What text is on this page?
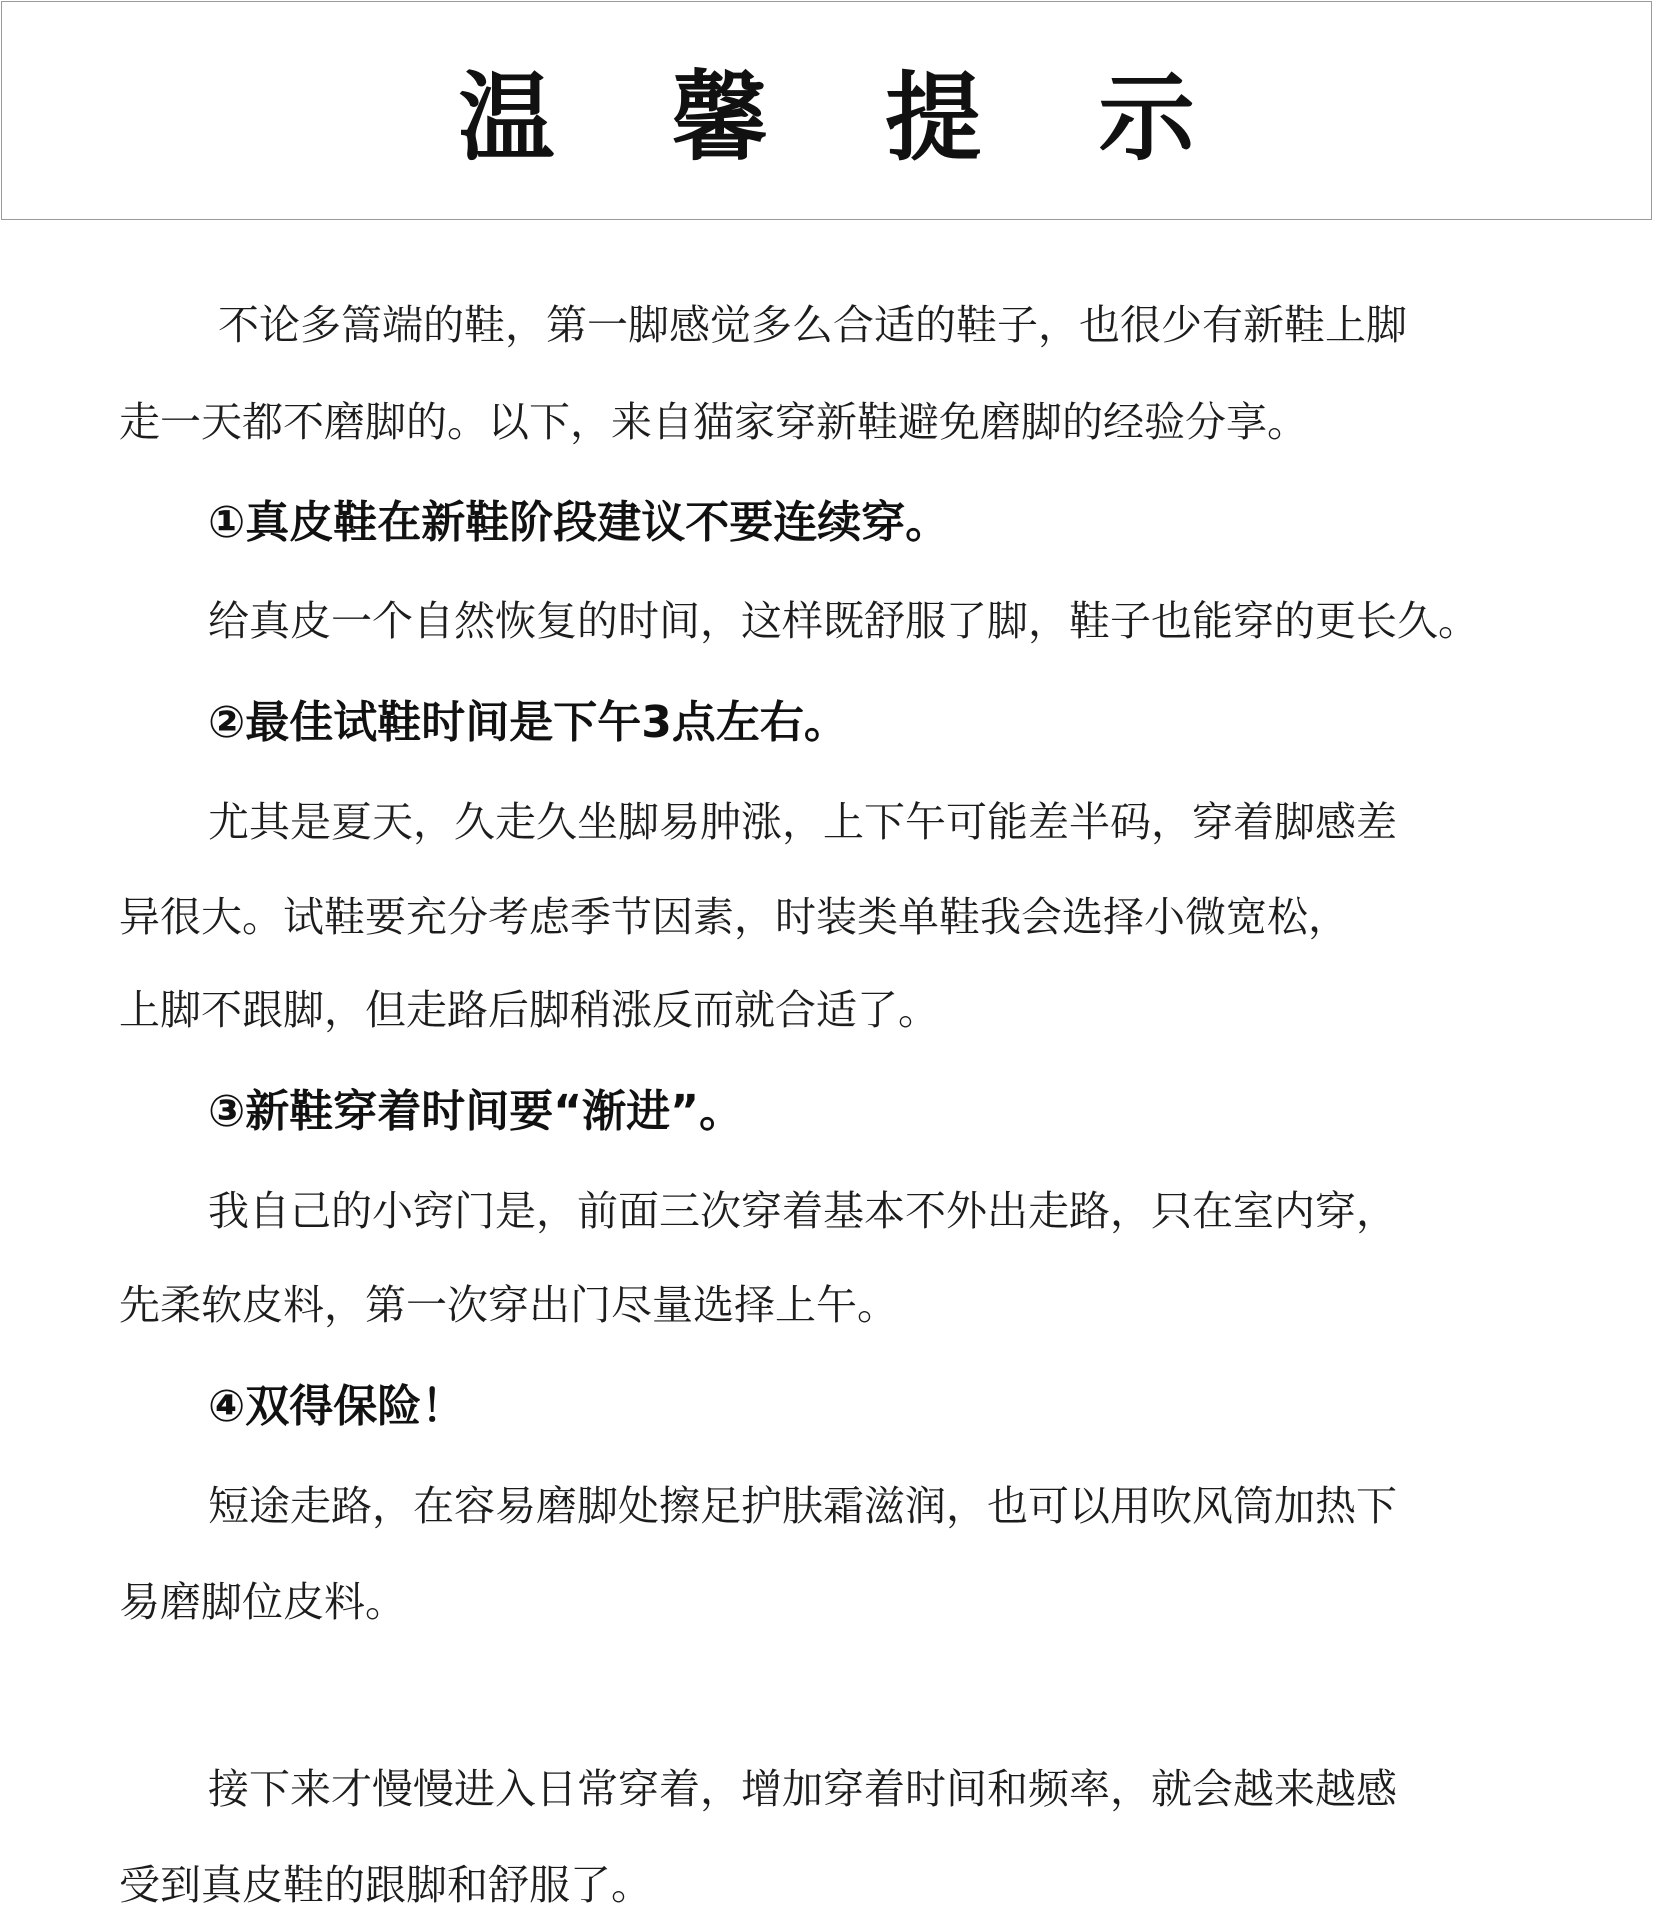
温 馨 提 示
不论多篙端的鞋，第一脚感觉多么合适的鞋子，也很少有新鞋上脚
走一天都不磨脚的。以下，来自猫家穿新鞋避免磨脚的经验分享。
①真皮鞋在新鞋阶段建议不要连续穿。
给真皮一个自然恢复的时间，这样既舒服了脚，鞋子也能穿的更长久。
②最佳试鞋时间是下午3点左右。
尤其是夏天，久走久坐脚易肿涨，上下午可能差半码，穿着脚感差
异很大。试鞋要充分考虑季节因素，时装类单鞋我会选择小微宽松，
上脚不跟脚，但走路后脚稍涨反而就合适了。
③新鞋穿着时间要“渐进”。
我自己的小窍门是，前面三次穿着基本不外出走路，只在室内穿，
先柔软皮料，第一次穿出门尽量选择上午。
④双得保险！
短途走路，在容易磨脚处擦足护肤霜滋润，也可以用吹风筒加热下
易磨脚位皮料。
接下来才慢慢进入日常穿着，增加穿着时间和频率，就会越来越感
受到真皮鞋的跟脚和舒服了。
